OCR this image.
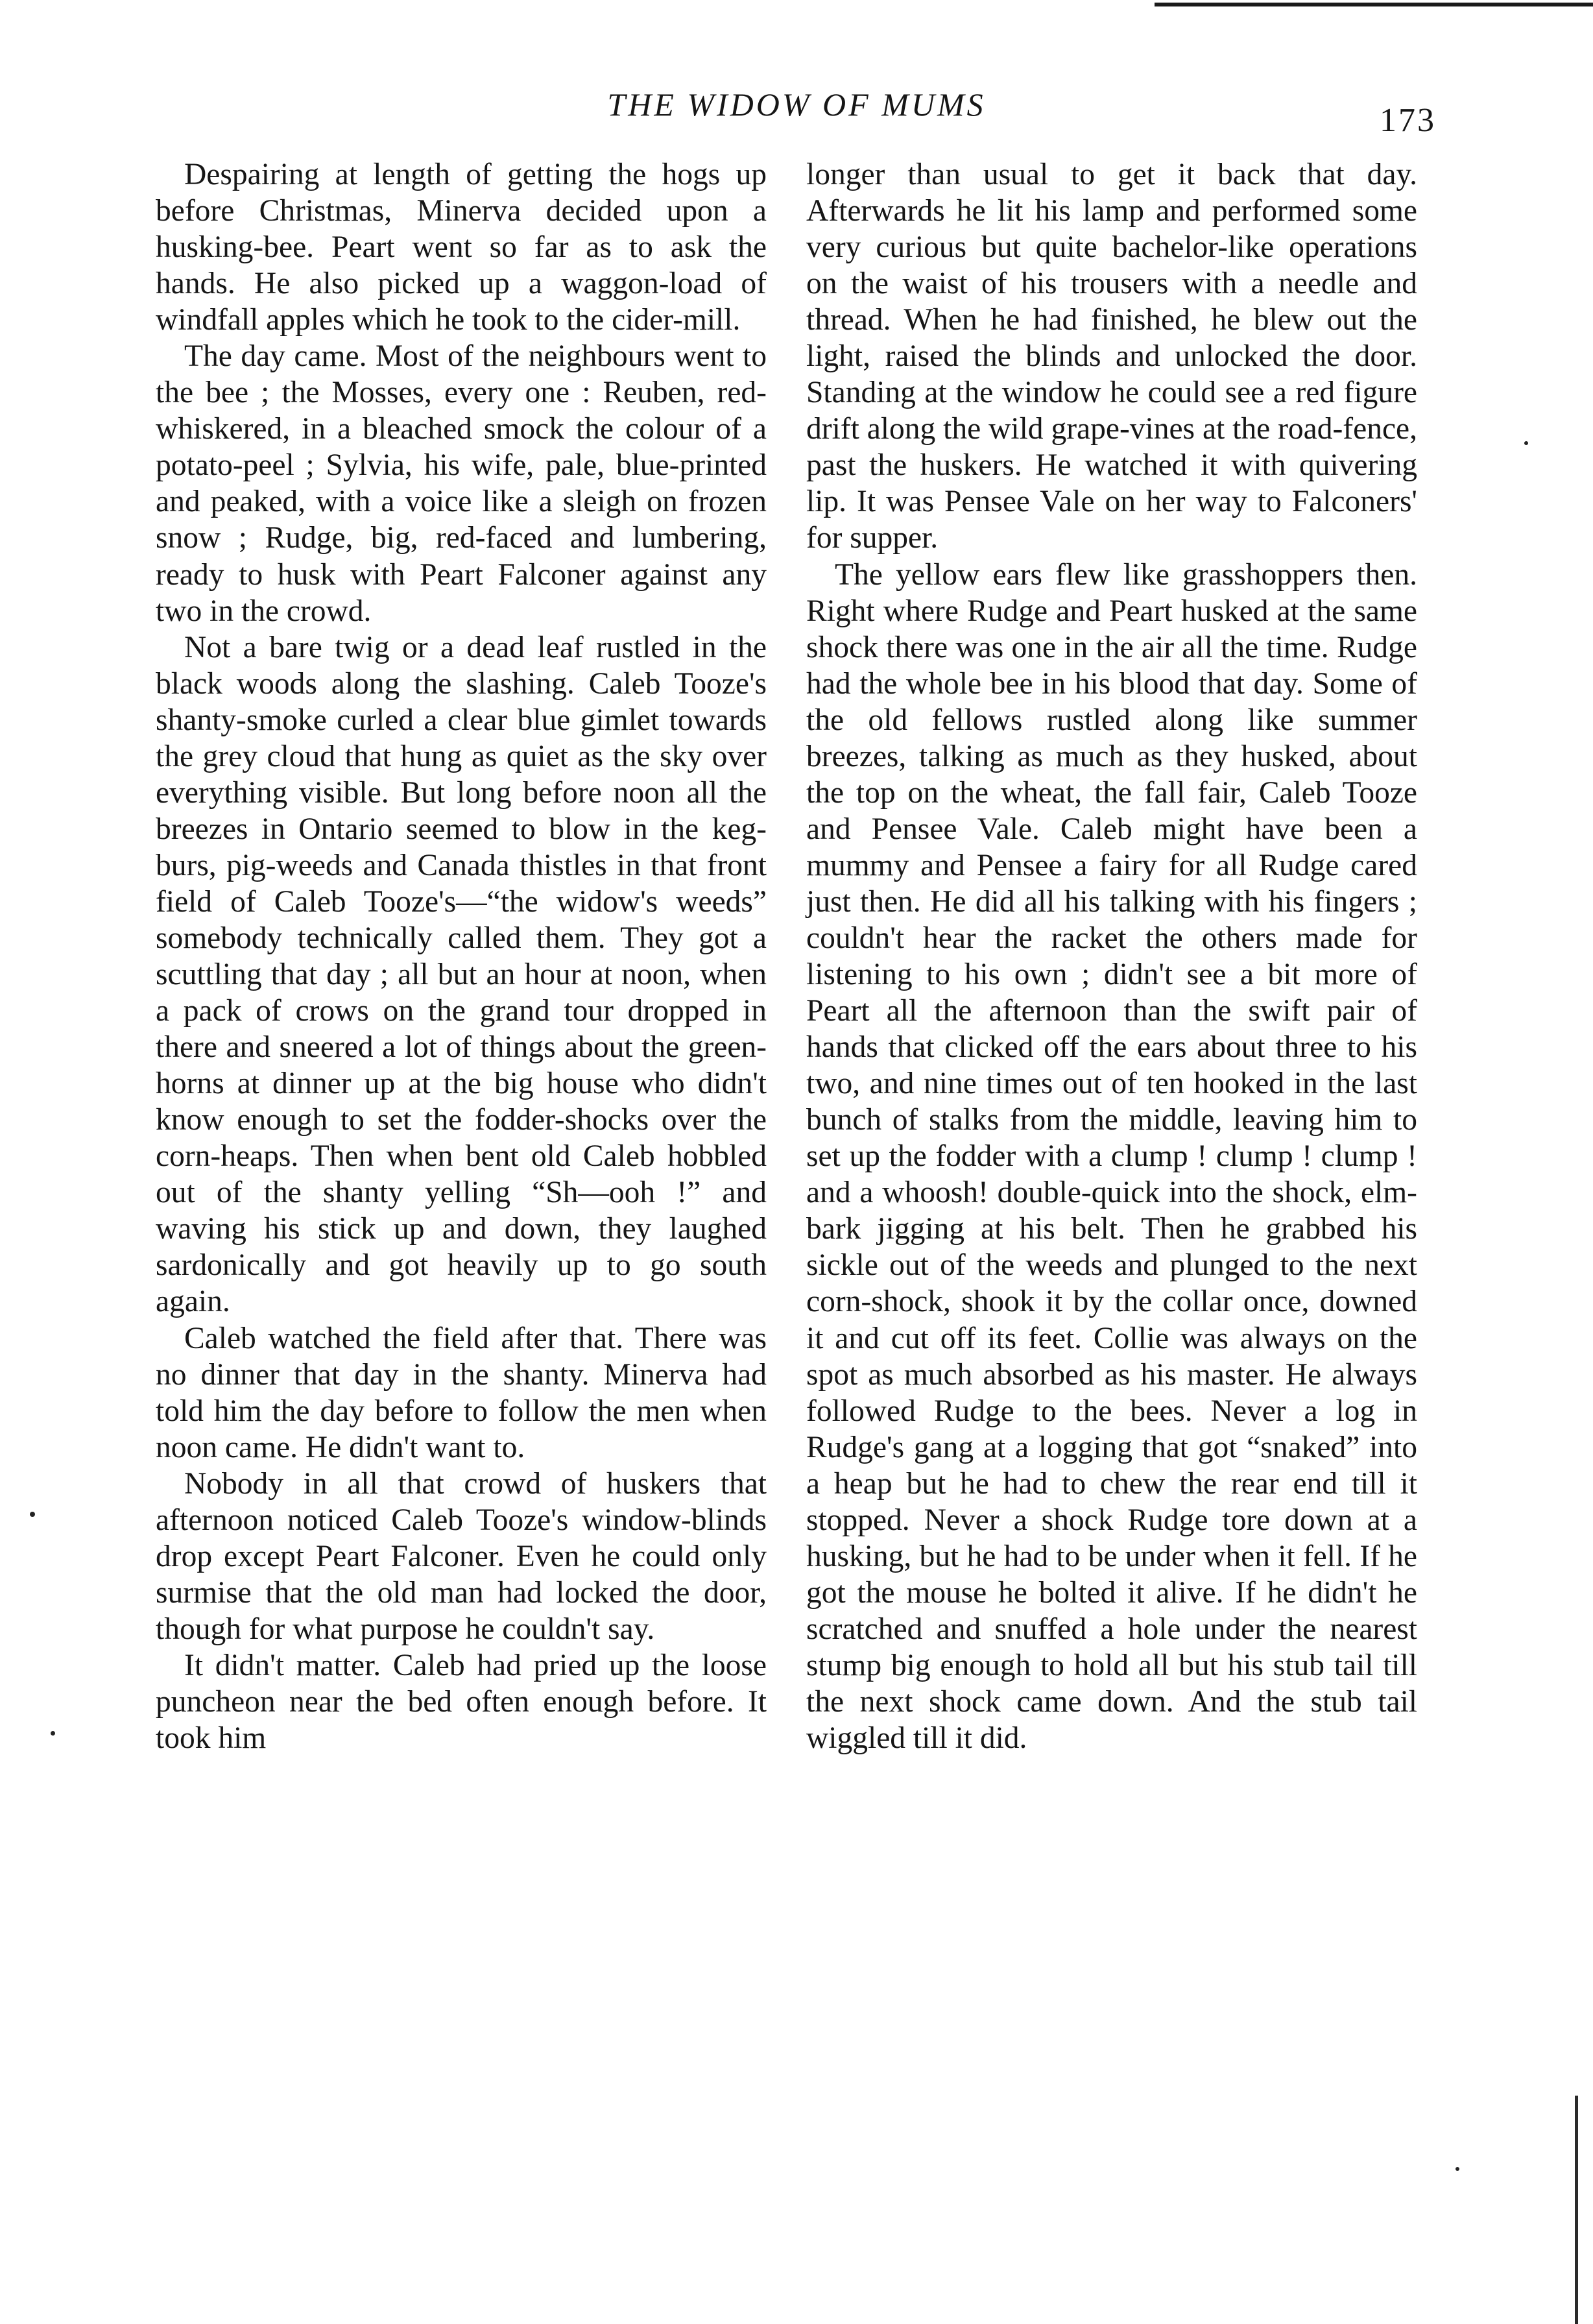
THE WIDOW OF MUMS	173

Despairing at length of getting the hogs up before Christmas, Minerva decided upon a husking-bee. Peart went so far as to ask the hands. He also picked up a waggon-load of windfall apples which he took to the cider-mill.

The day came. Most of the neighbours went to the bee ; the Mosses, every one : Reuben, red-whiskered, in a bleached smock the colour of a potato-peel ; Sylvia, his wife, pale, blue-printed and peaked, with a voice like a sleigh on frozen snow ; Rudge, big, red-faced and lumbering, ready to husk with Peart Falconer against any two in the crowd.

Not a bare twig or a dead leaf rustled in the black woods along the slashing. Caleb Tooze's shanty-smoke curled a clear blue gimlet towards the grey cloud that hung as quiet as the sky over everything visible. But long before noon all the breezes in Ontario seemed to blow in the keg-burs, pig-weeds and Canada thistles in that front field of Caleb Tooze's—“the widow's weeds” somebody technically called them. They got a scuttling that day ; all but an hour at noon, when a pack of crows on the grand tour dropped in there and sneered a lot of things about the green-horns at dinner up at the big house who didn't know enough to set the fodder-shocks over the corn-heaps. Then when bent old Caleb hobbled out of the shanty yelling “Sh—ooh !” and waving his stick up and down, they laughed sardonically and got heavily up to go south again.

Caleb watched the field after that. There was no dinner that day in the shanty. Minerva had told him the day before to follow the men when noon came. He didn't want to.

Nobody in all that crowd of huskers that afternoon noticed Caleb Tooze's window-blinds drop except Peart Falconer. Even he could only surmise that the old man had locked the door, though for what purpose he couldn't say.

It didn't matter. Caleb had pried up the loose puncheon near the bed often enough before. It took him

longer than usual to get it back that day. Afterwards he lit his lamp and performed some very curious but quite bachelor-like operations on the waist of his trousers with a needle and thread. When he had finished, he blew out the light, raised the blinds and unlocked the door. Standing at the window he could see a red figure drift along the wild grape-vines at the road-fence, past the huskers. He watched it with quivering lip. It was Pensee Vale on her way to Falconers' for supper.

The yellow ears flew like grasshoppers then. Right where Rudge and Peart husked at the same shock there was one in the air all the time. Rudge had the whole bee in his blood that day. Some of the old fellows rustled along like summer breezes, talking as much as they husked, about the top on the wheat, the fall fair, Caleb Tooze and Pensee Vale. Caleb might have been a mummy and Pensee a fairy for all Rudge cared just then. He did all his talking with his fingers ; couldn't hear the racket the others made for listening to his own ; didn't see a bit more of Peart all the afternoon than the swift pair of hands that clicked off the ears about three to his two, and nine times out of ten hooked in the last bunch of stalks from the middle, leaving him to set up the fodder with a clump ! clump ! clump ! and a whoosh! double-quick into the shock, elm-bark jigging at his belt. Then he grabbed his sickle out of the weeds and plunged to the next corn-shock, shook it by the collar once, downed it and cut off its feet. Collie was always on the spot as much absorbed as his master. He always followed Rudge to the bees. Never a log in Rudge's gang at a logging that got “snaked” into a heap but he had to chew the rear end till it stopped. Never a shock Rudge tore down at a husking, but he had to be under when it fell. If he got the mouse he bolted it alive. If he didn't he scratched and snuffed a hole under the nearest stump big enough to hold all but his stub tail till the next shock came down. And the stub tail wiggled till it did.
